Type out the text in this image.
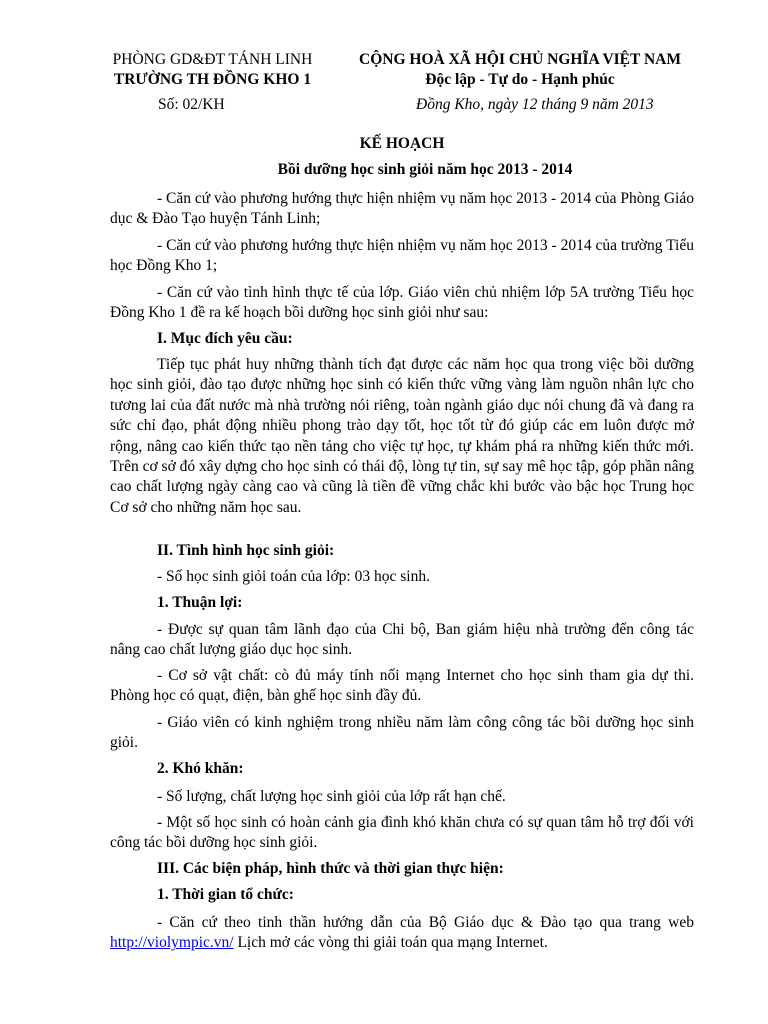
PHÒNG GD&ĐT TÁNH LINH
TRƯỜNG TH ĐỒNG KHO 1
CỘNG HOÀ XÃ HỘI CHỦ NGHĨA VIỆT NAM
Độc lập - Tự do - Hạnh phúc
Số: 02/KH	Đồng Kho, ngày 12 tháng 9 năm 2013
KẾ HOẠCH
Bồi dưỡng học sinh giỏi năm học 2013 - 2014
- Căn cứ vào phương hướng thực hiện nhiệm vụ năm học 2013 - 2014 của Phòng Giáo dục & Đào Tạo huyện Tánh Linh;
- Căn cứ vào phương hướng thực hiện nhiệm vụ năm học 2013 - 2014 của trường Tiểu học Đồng Kho 1;
- Căn cứ vào tình hình thực tế của lớp. Giáo viên chủ nhiệm lớp 5A trường Tiểu học Đồng Kho 1 đề ra kế hoạch bồi dưỡng học sinh giỏi như sau:
I. Mục đích yêu cầu:
Tiếp tục phát huy những thành tích đạt được các năm học qua trong việc bồi dưỡng học sinh giỏi, đào tạo được những học sinh có kiến thức vững vàng làm nguồn nhân lực cho tương lai của đất nước mà nhà trường nói riêng, toàn ngành giáo dục nói chung đã và đang ra sức chỉ đạo, phát động nhiều phong trào dạy tốt, học tốt từ đó giúp các em luôn được mở rộng, nâng cao kiến thức tạo nền tảng cho việc tự học, tự khám phá ra những kiến thức mới. Trên cơ sở đó xây dựng cho học sinh có thái độ, lòng tự tin, sự say mê học tập, góp phần nâng cao chất lượng ngày càng cao và cũng là tiền đề vững chắc khi bước vào bậc học Trung học Cơ sở cho những năm học sau.
II. Tình hình học sinh giỏi:
- Số học sinh giỏi toán của lớp: 03 học sinh.
1. Thuận lợi:
- Được sự quan tâm lãnh đạo của Chi bộ, Ban giám hiệu nhà trường đến công tác nâng cao chất lượng giáo dục học sinh.
- Cơ sở vật chất: cò đủ máy tính nối mạng Internet cho học sinh tham gia dự thi. Phòng học có quạt, điện, bàn ghế học sinh đầy đủ.
- Giáo viên có kinh nghiệm trong nhiều năm làm công công tác bồi dưỡng học sinh giỏi.
2. Khó khăn:
- Số lượng, chất lượng học sinh giỏi của lớp rất hạn chế.
- Một số học sinh có hoàn cảnh gia đình khó khăn chưa có sự quan tâm hỗ trợ đối với công tác bồi dưỡng học sinh giỏi.
III. Các biện pháp, hình thức và thời gian thực hiện:
1. Thời gian tổ chức:
- Căn cứ theo tinh thần hướng dẫn của Bộ Giáo dục & Đào tạo qua trang web http://violympic.vn/ Lịch mở các vòng thi giải toán qua mạng Internet.
